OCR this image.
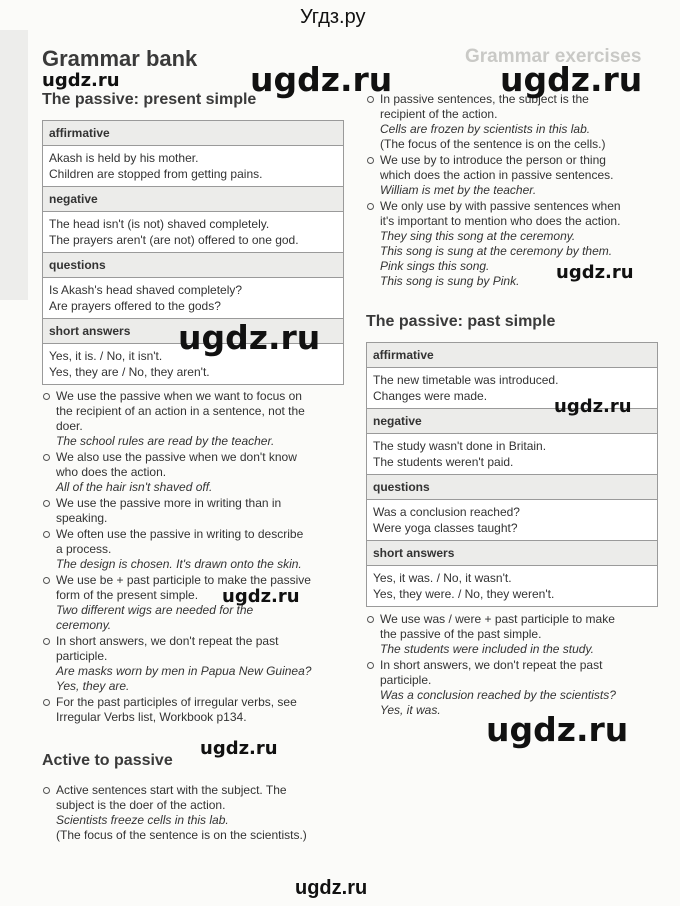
Grammar exercises
Угдз.ру
Grammar bank
The passive: present simple
affirmative

Akash is held by his mother.
Children are stopped from getting pains.

negative

The head isn't (is not) shaved completely.
The prayers aren't (are not) offered to one god.

questions

Is Akash's head shaved completely?
Are prayers offered to the gods?

short answers

Yes, it is. / No, it isn't.
Yes, they are / No, they aren't.
We use the passive when we want to focus on
the recipient of an action in a sentence, not the
doer.
The school rules are read by the teacher.
We also use the passive when we don't know
who does the action.
All of the hair isn't shaved off.
We use the passive more in writing than in
speaking.
We often use the passive in writing to describe
a process.
The design is chosen. It's drawn onto the skin.
We use be + past participle to make the passive
form of the present simple.
Two different wigs are needed for the
ceremony.
In short answers, we don't repeat the past
participle.
Are masks worn by men in Papua New Guinea?
Yes, they are.
For the past participles of irregular verbs, see
Irregular Verbs list, Workbook p134.
Active to passive
Active sentences start with the subject. The
subject is the doer of the action.
Scientists freeze cells in this lab.
(The focus of the sentence is on the scientists.)
In passive sentences, the subject is the
recipient of the action.
Cells are frozen by scientists in this lab.
(The focus of the sentence is on the cells.)
We use by to introduce the person or thing
which does the action in passive sentences.
William is met by the teacher.
We only use by with passive sentences when
it's important to mention who does the action.
They sing this song at the ceremony.
This song is sung at the ceremony by them.
Pink sings this song.
This song is sung by Pink.
The passive: past simple
affirmative

The new timetable was introduced.
Changes were made.

negative

The study wasn't done in Britain.
The students weren't paid.

questions

Was a conclusion reached?
Were yoga classes taught?

short answers

Yes, it was. / No, it wasn't.
Yes, they were. / No, they weren't.
We use was / were + past participle to make
the passive of the past simple.
The students were included in the study.
In short answers, we don't repeat the past
participle.
Was a conclusion reached by the scientists?
Yes, it was.
ugdz.ru	ugdz.ru	ugdz.ru
ugdz.ru
ugdz.ru
ugdz.ru
ugdz.ru
ugdz.ru	ugdz.ru
ugdz.ru
